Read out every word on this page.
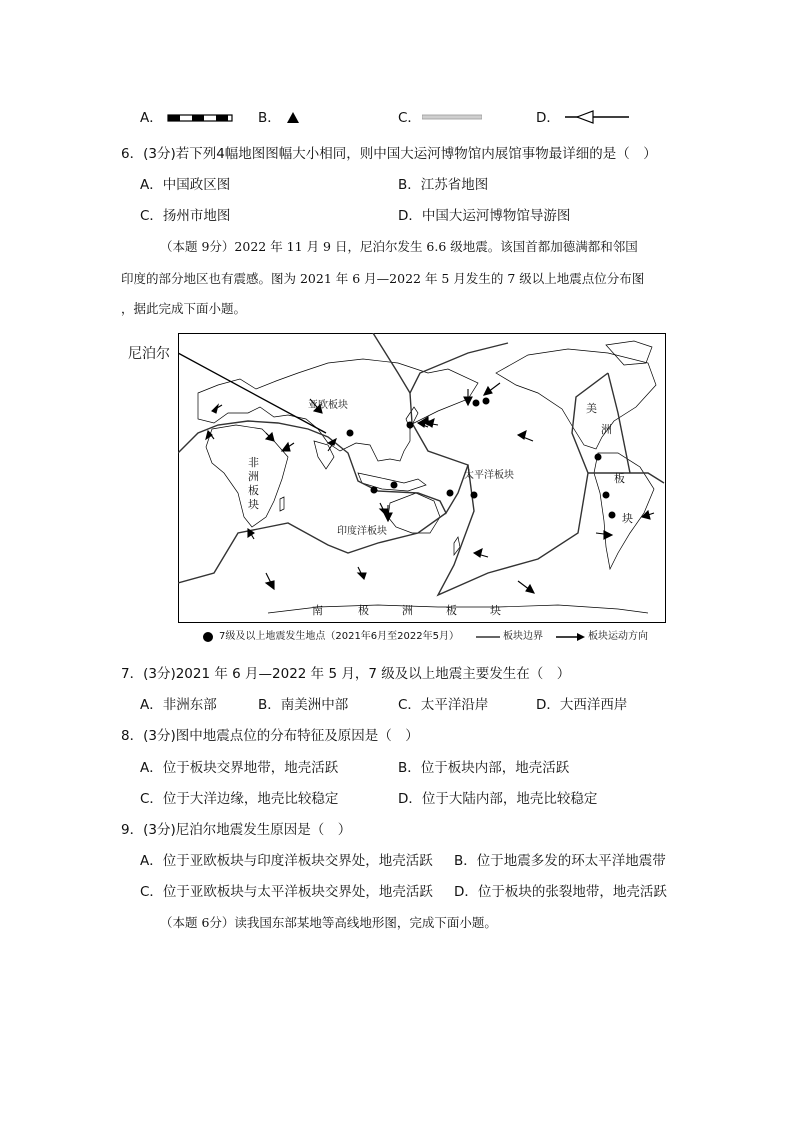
A．	B．	C．	D．
6．(3分)若下列4幅地图图幅大小相同，则中国大运河博物馆内展馆事物最详细的是（　）
A．中国政区图	B．江苏省地图
C．扬州市地图	D．中国大运河博物馆导游图
（本题 9分）2022 年 11 月 9 日，尼泊尔发生 6.6 级地震。该国首都加德满都和邻国
印度的部分地区也有震感。图为 2021 年 6 月—2022 年 5 月发生的 7 级以上地震点位分布图
，据此完成下面小题。
尼泊尔
亚欧板块
非
洲
板
块
印度洋板块
太平洋板块
美
洲
板
块
南	极	洲	板	块
7级及以上地震发生地点（2021年6月至2022年5月）	板块边界	板块运动方向
7．(3分)2021 年 6 月—2022 年 5 月，7 级及以上地震主要发生在（　）
A．非洲东部	B．南美洲中部	C．太平洋沿岸	D．大西洋西岸
8．(3分)图中地震点位的分布特征及原因是（　）
A．位于板块交界地带，地壳活跃	B．位于板块内部，地壳活跃
C．位于大洋边缘，地壳比较稳定	D．位于大陆内部，地壳比较稳定
9．(3分)尼泊尔地震发生原因是（　）
A．位于亚欧板块与印度洋板块交界处，地壳活跃 B．位于地震多发的环太平洋地震带
C．位于亚欧板块与太平洋板块交界处，地壳活跃 D．位于板块的张裂地带，地壳活跃
（本题 6分）读我国东部某地等高线地形图，完成下面小题。
